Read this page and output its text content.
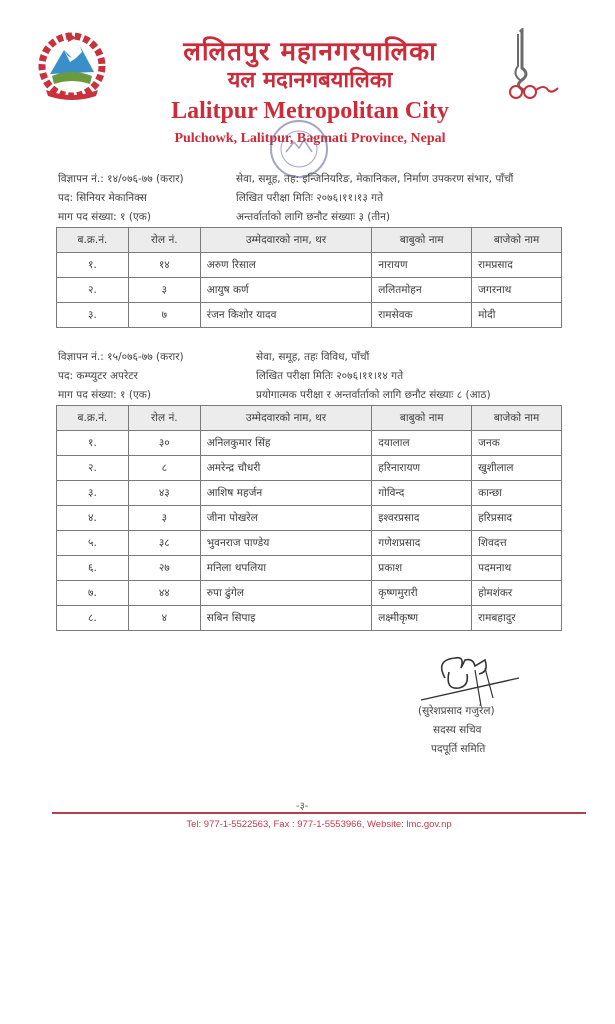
ललितपुर महानगरपालिका
यल मदानगबयालिका
Lalitpur Metropolitan City
Pulchowk, Lalitpur, Bagmati Province, Nepal
विज्ञापन नं.: १४/०७६-७७ (करार)
पद: सिनियर मेकानिक्स
माग पद संख्या: १ (एक)
सेवा, समूह, तह: इन्जिनियरिङ, मेकानिकल, निर्माण उपकरण संभार, पाँचौं
लिखित परीक्षा मितिः २०७६।११।१३ गते
अन्तर्वार्ताको लागि छनौट संख्याः ३ (तीन)
ब.क्र.नं.	रोल नं.	उम्मेदवारको नाम, थर	बाबुको नाम	बाजेको नाम
१.	१४	अरुण रिसाल	नारायण	रामप्रसाद
२.	३	आयुष कर्ण	ललितमोहन	जगरनाथ
३.	७	रंजन किशोर यादव	रामसेवक	मोदी
विज्ञापन नं.: १५/०७६-७७ (करार)
पद: कम्प्युटर अपरेटर
माग पद संख्या: १ (एक)
सेवा, समूह, तहः विविध, पाँचौं
लिखित परीक्षा मितिः २०७६।११।१४ गते
प्रयोगात्मक परीक्षा र अन्तर्वार्ताको लागि छनौट संख्याः ८ (आठ)
ब.क्र.नं.	रोल नं.	उम्मेदवारको नाम, थर	बाबुको नाम	बाजेको नाम
१.	३०	अनिलकुमार सिंह	दयालाल	जनक
२.	८	अमरेन्द्र चौधरी	हरिनारायण	खुशीलाल
३.	४३	आशिष महर्जन	गोविन्द	कान्छा
४.	३	जीना पोखरेल	इश्वरप्रसाद	हरिप्रसाद
५.	३८	भुवनराज पाण्डेय	गणेशप्रसाद	शिवदत्त
६.	२७	मनिला थपलिया	प्रकाश	पदमनाथ
७.	४४	रुपा ढुंगेल	कृष्णमुरारी	होमशंकर
८.	४	सबिन सिपाइ	लक्ष्मीकृष्ण	रामबहादुर
(सुरेशप्रसाद गजुरेल)
सदस्य सचिव
पदपूर्ति समिति
-३-
Tel: 977-1-5522563, Fax : 977-1-5553966, Website: lmc.gov.np
